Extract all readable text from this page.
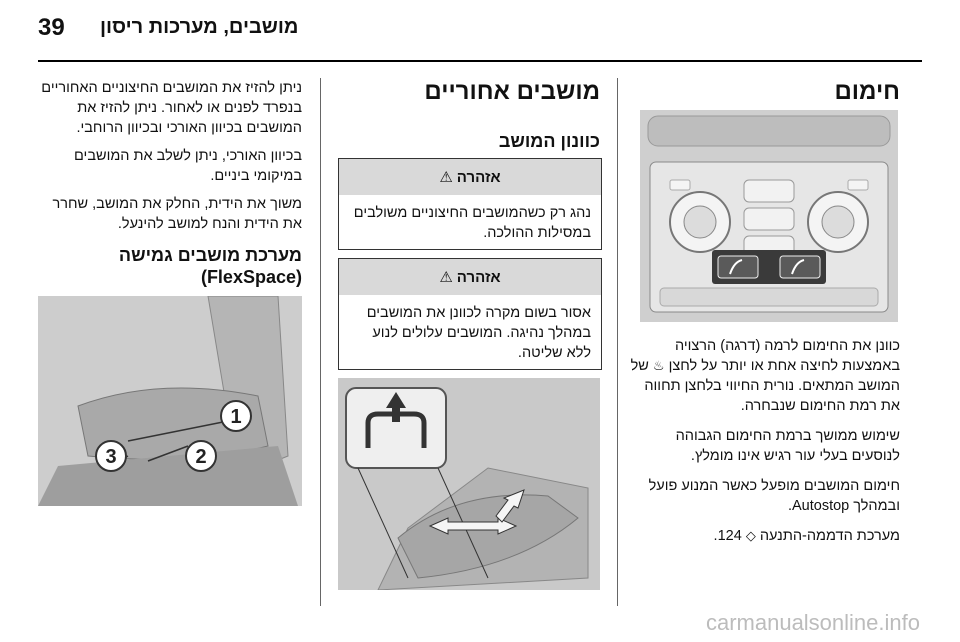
39 מושבים, מערכות ריסון
חימום

כוונן את החימום לרמה (דרגה) הרצויה באמצעות לחיצה אחת או יותר על לחצן ♨ של המושב המתאים. נורית החיווי בלחצן תחווה את רמת החימום שנבחרה.

שימוש ממושך ברמת החימום הגבוהה לנוסעים בעלי עור רגיש אינו מומלץ.

חימום המושבים מופעל כאשר המנוע פועל ובמהלך Autostop.

מערכת הדממה-התנעה ◇ 124.

מושבים אחוריים
כוונון המושב
אזהרה
⚠
נהג רק כשהמושבים החיצוניים משולבים במסילות ההולכה.
אזהרה
⚠
אסור בשום מקרה לכוונן את המושבים במהלך נהיגה. המושבים עלולים לנוע ללא שליטה.

ניתן להזיז את המושבים החיצוניים האחוריים בנפרד לפנים או לאחור. ניתן להזיז את המושבים בכיוון האורכי ובכיוון הרוחבי.

בכיוון האורכי, ניתן לשלב את המושבים במיקומי ביניים.

משוך את הידית, החלק את המושב, שחרר את הידית והנח למושב להינעל.

מערכת מושבים גמישה (FlexSpace)
1
2
3
carmanualsonline.info
